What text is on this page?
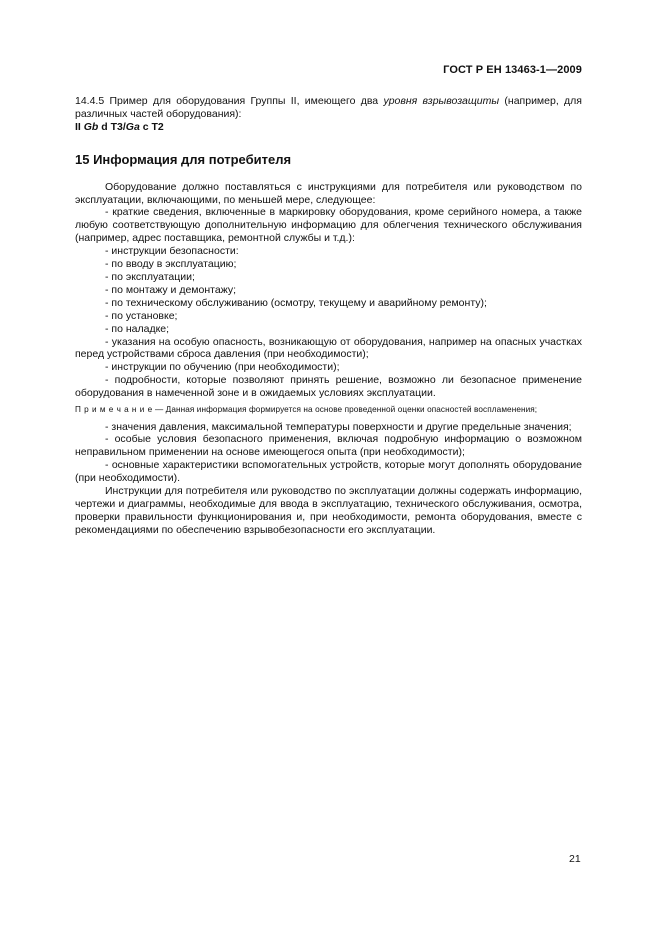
ГОСТ Р ЕН 13463-1—2009

14.4.5 Пример для оборудования Группы II, имеющего два уровня взрывозащиты (например, для различных частей оборудования):

II Gb d T3/Ga c T2

15 Информация для потребителя

Оборудование должно поставляться с инструкциями для потребителя или руководством по эксплуатации, включающими, по меньшей мере, следующее:

- краткие сведения, включенные в маркировку оборудования, кроме серийного номера, а также любую соответствующую дополнительную информацию для облегчения технического обслуживания (например, адрес поставщика, ремонтной службы и т.д.):

- инструкции безопасности:

- по вводу в эксплуатацию;

- по эксплуатации;

- по монтажу и демонтажу;

- по техническому обслуживанию (осмотру, текущему и аварийному ремонту);

- по установке;

- по наладке;

- указания на особую опасность, возникающую от оборудования, например на опасных участках перед устройствами сброса давления (при необходимости);

- инструкции по обучению (при необходимости);

- подробности, которые позволяют принять решение, возможно ли безопасное применение оборудования в намеченной зоне и в ожидаемых условиях эксплуатации.

П р и м е ч а н и е — Данная информация формируется на основе проведенной оценки опасностей воспламенения;

- значения давления, максимальной температуры поверхности и другие предельные значения;

- особые условия безопасного применения, включая подробную информацию о возможном неправильном применении на основе имеющегося опыта (при необходимости);

- основные характеристики вспомогательных устройств, которые могут дополнять оборудование (при необходимости).

Инструкции для потребителя или руководство по эксплуатации должны содержать информацию, чертежи и диаграммы, необходимые для ввода в эксплуатацию, технического обслуживания, осмотра, проверки правильности функционирования и, при необходимости, ремонта оборудования, вместе с рекомендациями по обеспечению взрывобезопасности его эксплуатации.

21
